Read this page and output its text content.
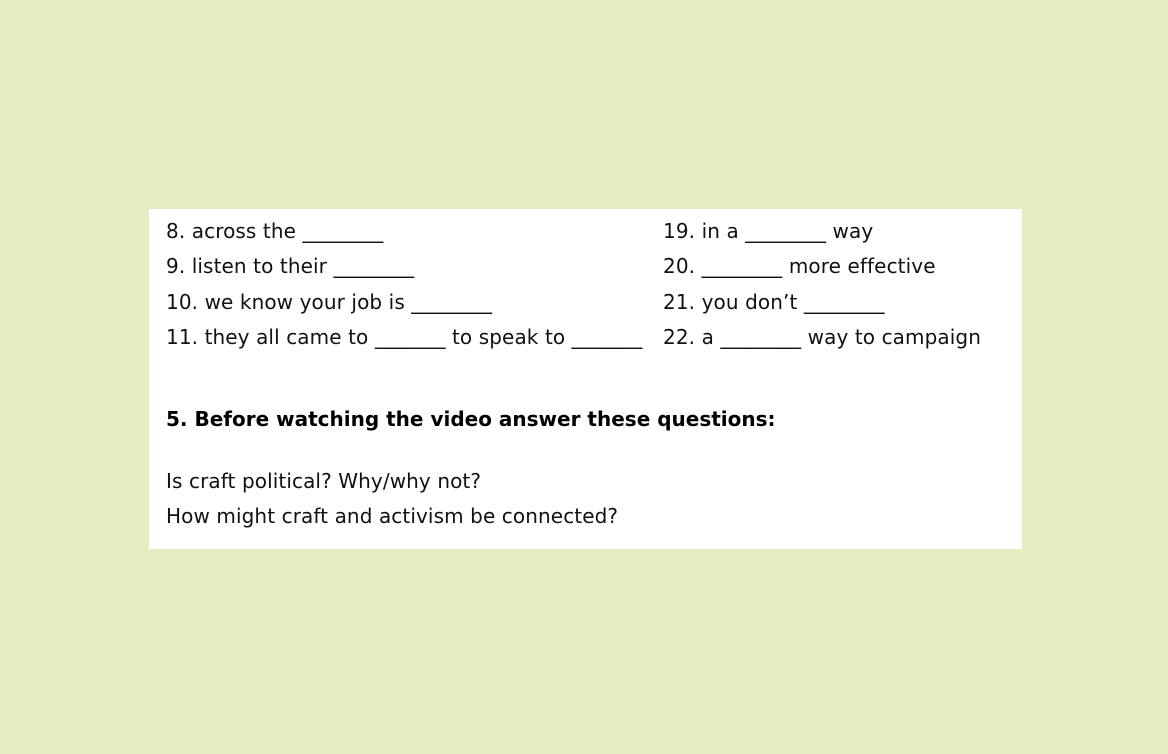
8. across the ________
9. listen to their ________
10. we know your job is ________
11. they all came to _______ to speak to _______
19. in a ________ way
20. ________ more effective
21. you don’t ________
22. a ________ way to campaign
5. Before watching the video answer these questions:
Is craft political? Why/why not?
How might craft and activism be connected?
